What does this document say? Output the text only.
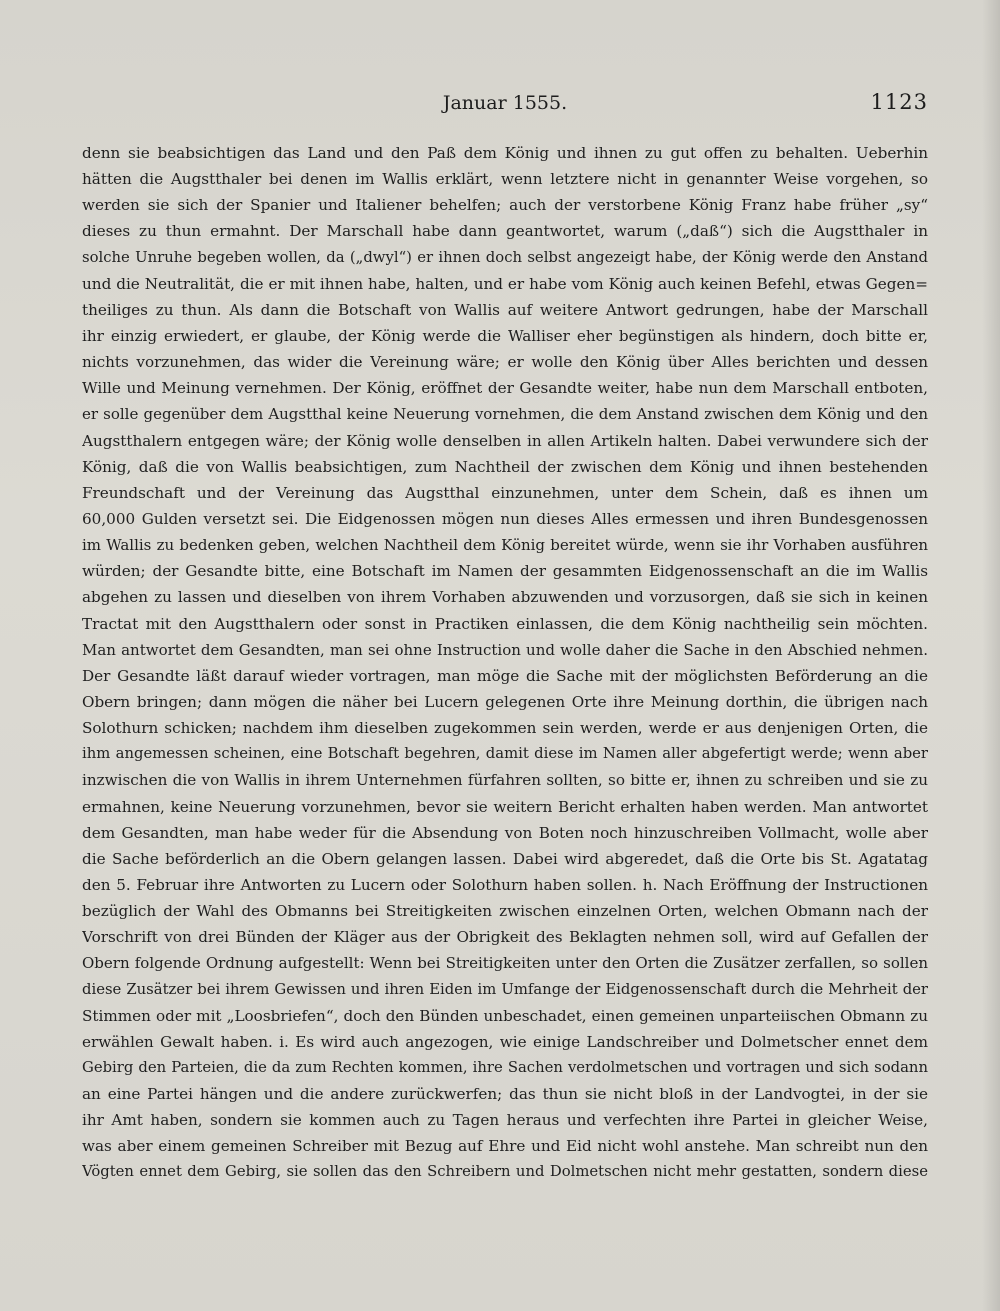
Januar 1555.	1123
denn sie beabsichtigen das Land und den Paß dem König und ihnen zu gut offen zu behalten. Ueberhin
hätten die Augstthaler bei denen im Wallis erklärt, wenn letztere nicht in genannter Weise vorgehen, so
werden sie sich der Spanier und Italiener behelfen; auch der verstorbene König Franz habe früher „sy“
dieses zu thun ermahnt. Der Marschall habe dann geantwortet, warum („daß“) sich die Augstthaler in
solche Unruhe begeben wollen, da („dwyl“) er ihnen doch selbst angezeigt habe, der König werde den Anstand
und die Neutralität, die er mit ihnen habe, halten, und er habe vom König auch keinen Befehl, etwas Gegen=
theiliges zu thun. Als dann die Botschaft von Wallis auf weitere Antwort gedrungen, habe der Marschall
ihr einzig erwiedert, er glaube, der König werde die Walliser eher begünstigen als hindern, doch bitte er,
nichts vorzunehmen, das wider die Vereinung wäre; er wolle den König über Alles berichten und dessen
Wille und Meinung vernehmen. Der König, eröffnet der Gesandte weiter, habe nun dem Marschall entboten,
er solle gegenüber dem Augstthal keine Neuerung vornehmen, die dem Anstand zwischen dem König und den
Augstthalern entgegen wäre; der König wolle denselben in allen Artikeln halten. Dabei verwundere sich der
König, daß die von Wallis beabsichtigen, zum Nachtheil der zwischen dem König und ihnen bestehenden
Freundschaft und der Vereinung das Augstthal einzunehmen, unter dem Schein, daß es ihnen um
60,000 Gulden versetzt sei. Die Eidgenossen mögen nun dieses Alles ermessen und ihren Bundesgenossen
im Wallis zu bedenken geben, welchen Nachtheil dem König bereitet würde, wenn sie ihr Vorhaben ausführen
würden; der Gesandte bitte, eine Botschaft im Namen der gesammten Eidgenossenschaft an die im Wallis
abgehen zu lassen und dieselben von ihrem Vorhaben abzuwenden und vorzusorgen, daß sie sich in keinen
Tractat mit den Augstthalern oder sonst in Practiken einlassen, die dem König nachtheilig sein möchten.
Man antwortet dem Gesandten, man sei ohne Instruction und wolle daher die Sache in den Abschied nehmen.
Der Gesandte läßt darauf wieder vortragen, man möge die Sache mit der möglichsten Beförderung an die
Obern bringen; dann mögen die näher bei Lucern gelegenen Orte ihre Meinung dorthin, die übrigen nach
Solothurn schicken; nachdem ihm dieselben zugekommen sein werden, werde er aus denjenigen Orten, die
ihm angemessen scheinen, eine Botschaft begehren, damit diese im Namen aller abgefertigt werde; wenn aber
inzwischen die von Wallis in ihrem Unternehmen fürfahren sollten, so bitte er, ihnen zu schreiben und sie zu
ermahnen, keine Neuerung vorzunehmen, bevor sie weitern Bericht erhalten haben werden. Man antwortet
dem Gesandten, man habe weder für die Absendung von Boten noch hinzuschreiben Vollmacht, wolle aber
die Sache beförderlich an die Obern gelangen lassen. Dabei wird abgeredet, daß die Orte bis St. Agatatag
den 5. Februar ihre Antworten zu Lucern oder Solothurn haben sollen. h. Nach Eröffnung der Instructionen
bezüglich der Wahl des Obmanns bei Streitigkeiten zwischen einzelnen Orten, welchen Obmann nach der
Vorschrift von drei Bünden der Kläger aus der Obrigkeit des Beklagten nehmen soll, wird auf Gefallen der
Obern folgende Ordnung aufgestellt: Wenn bei Streitigkeiten unter den Orten die Zusätzer zerfallen, so sollen
diese Zusätzer bei ihrem Gewissen und ihren Eiden im Umfange der Eidgenossenschaft durch die Mehrheit der
Stimmen oder mit „Loosbriefen“, doch den Bünden unbeschadet, einen gemeinen unparteiischen Obmann zu
erwählen Gewalt haben. i. Es wird auch angezogen, wie einige Landschreiber und Dolmetscher ennet dem
Gebirg den Parteien, die da zum Rechten kommen, ihre Sachen verdolmetschen und vortragen und sich sodann
an eine Partei hängen und die andere zurückwerfen; das thun sie nicht bloß in der Landvogtei, in der sie
ihr Amt haben, sondern sie kommen auch zu Tagen heraus und verfechten ihre Partei in gleicher Weise,
was aber einem gemeinen Schreiber mit Bezug auf Ehre und Eid nicht wohl anstehe. Man schreibt nun den
Vögten ennet dem Gebirg, sie sollen das den Schreibern und Dolmetschen nicht mehr gestatten, sondern diese
